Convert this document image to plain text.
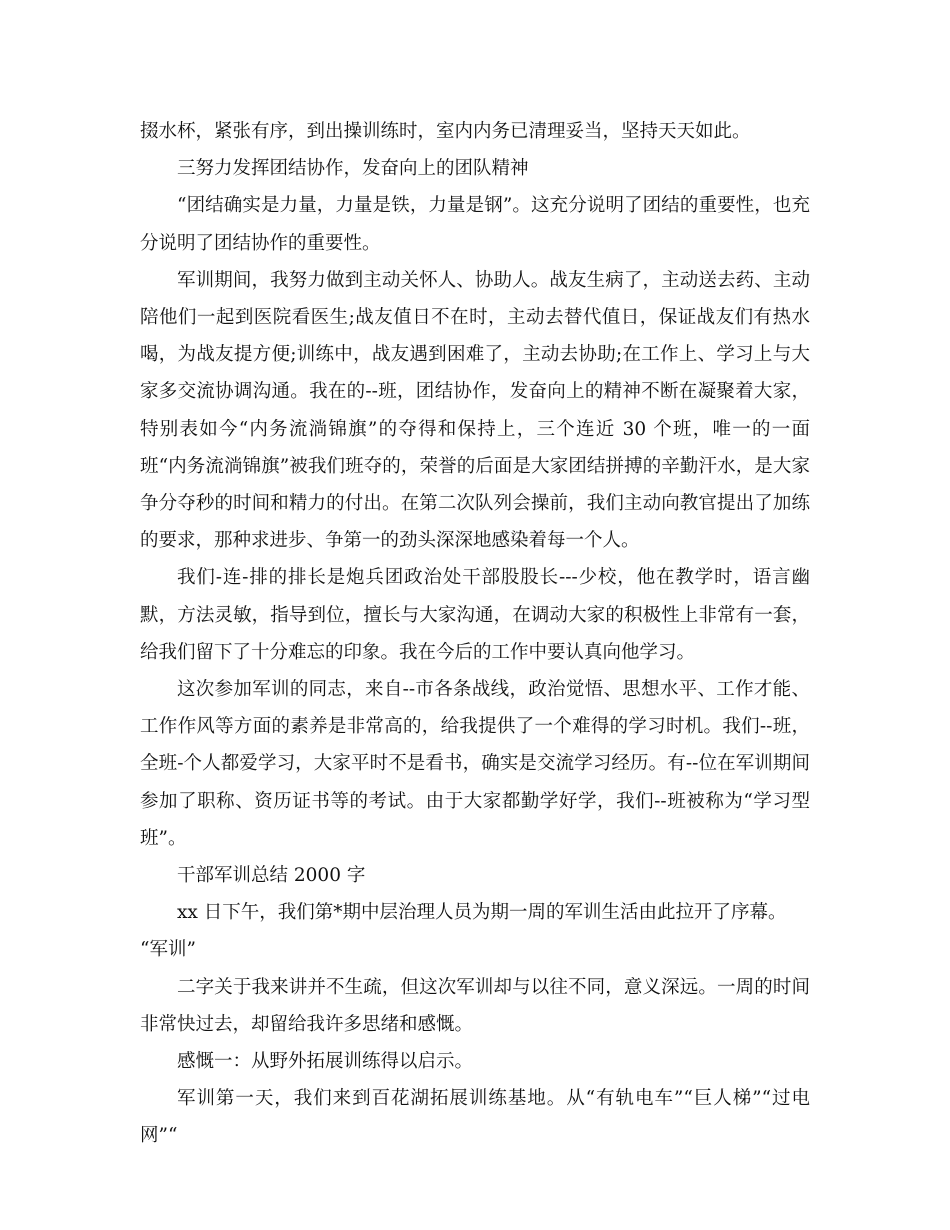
掇水杯，紧张有序，到出操训练时，室内内务已清理妥当，坚持天天如此。

三努力发挥团结协作，发奋向上的团队精神

“团结确实是力量，力量是铁，力量是钢”。这充分说明了团结的重要性，也充分说明了团结协作的重要性。

军训期间，我努力做到主动关怀人、协助人。战友生病了，主动送去药、主动陪他们一起到医院看医生;战友值日不在时，主动去替代值日，保证战友们有热水喝，为战友提方便;训练中，战友遇到困难了，主动去协助;在工作上、学习上与大家多交流协调沟通。我在的--班，团结协作，发奋向上的精神不断在凝聚着大家，特别表如今“内务流淌锦旗”的夺得和保持上，三个连近 30 个班，唯一的一面班“内务流淌锦旗”被我们班夺的，荣誉的后面是大家团结拼搏的辛勤汗水，是大家争分夺秒的时间和精力的付出。在第二次队列会操前，我们主动向教官提出了加练的要求，那种求进步、争第一的劲头深深地感染着每一个人。

我们-连-排的排长是炮兵团政治处干部股股长---少校，他在教学时，语言幽默，方法灵敏，指导到位，擅长与大家沟通，在调动大家的积极性上非常有一套，给我们留下了十分难忘的印象。我在今后的工作中要认真向他学习。

这次参加军训的同志，来自--市各条战线，政治觉悟、思想水平、工作才能、工作作风等方面的素养是非常高的，给我提供了一个难得的学习时机。我们--班，全班-个人都爱学习，大家平时不是看书，确实是交流学习经历。有--位在军训期间参加了职称、资历证书等的考试。由于大家都勤学好学，我们--班被称为“学习型班”。

干部军训总结 2000 字

xx 日下午，我们第*期中层治理人员为期一周的军训生活由此拉开了序幕。

“军训”

二字关于我来讲并不生疏，但这次军训却与以往不同，意义深远。一周的时间非常快过去，却留给我许多思绪和感慨。

感慨一：从野外拓展训练得以启示。

军训第一天，我们来到百花湖拓展训练基地。从“有轨电车”“巨人梯”“过电网”“
